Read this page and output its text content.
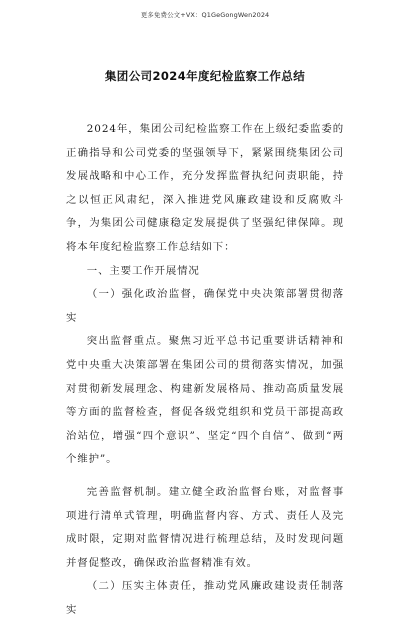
更多免费公文+VX：Q1GeGongWen2024
集团公司2024年度纪检监察工作总结

2024年，集团公司纪检监察工作在上级纪委监委的正确指导和公司党委的坚强领导下，紧紧围绕集团公司发展战略和中心工作，充分发挥监督执纪问责职能，持之以恒正风肃纪，深入推进党风廉政建设和反腐败斗争，为集团公司健康稳定发展提供了坚强纪律保障。现将本年度纪检监察工作总结如下：

一、主要工作开展情况

（一）强化政治监督，确保党中央决策部署贯彻落实

突出监督重点。聚焦习近平总书记重要讲话精神和党中央重大决策部署在集团公司的贯彻落实情况，加强对贯彻新发展理念、构建新发展格局、推动高质量发展等方面的监督检查，督促各级党组织和党员干部提高政治站位，增强“四个意识”、坚定“四个自信”、做到“两个维护”。

完善监督机制。建立健全政治监督台账，对监督事项进行清单式管理，明确监督内容、方式、责任人及完成时限，定期对监督情况进行梳理总结，及时发现问题并督促整改，确保政治监督精准有效。

（二）压实主体责任，推动党风廉政建设责任制落实
